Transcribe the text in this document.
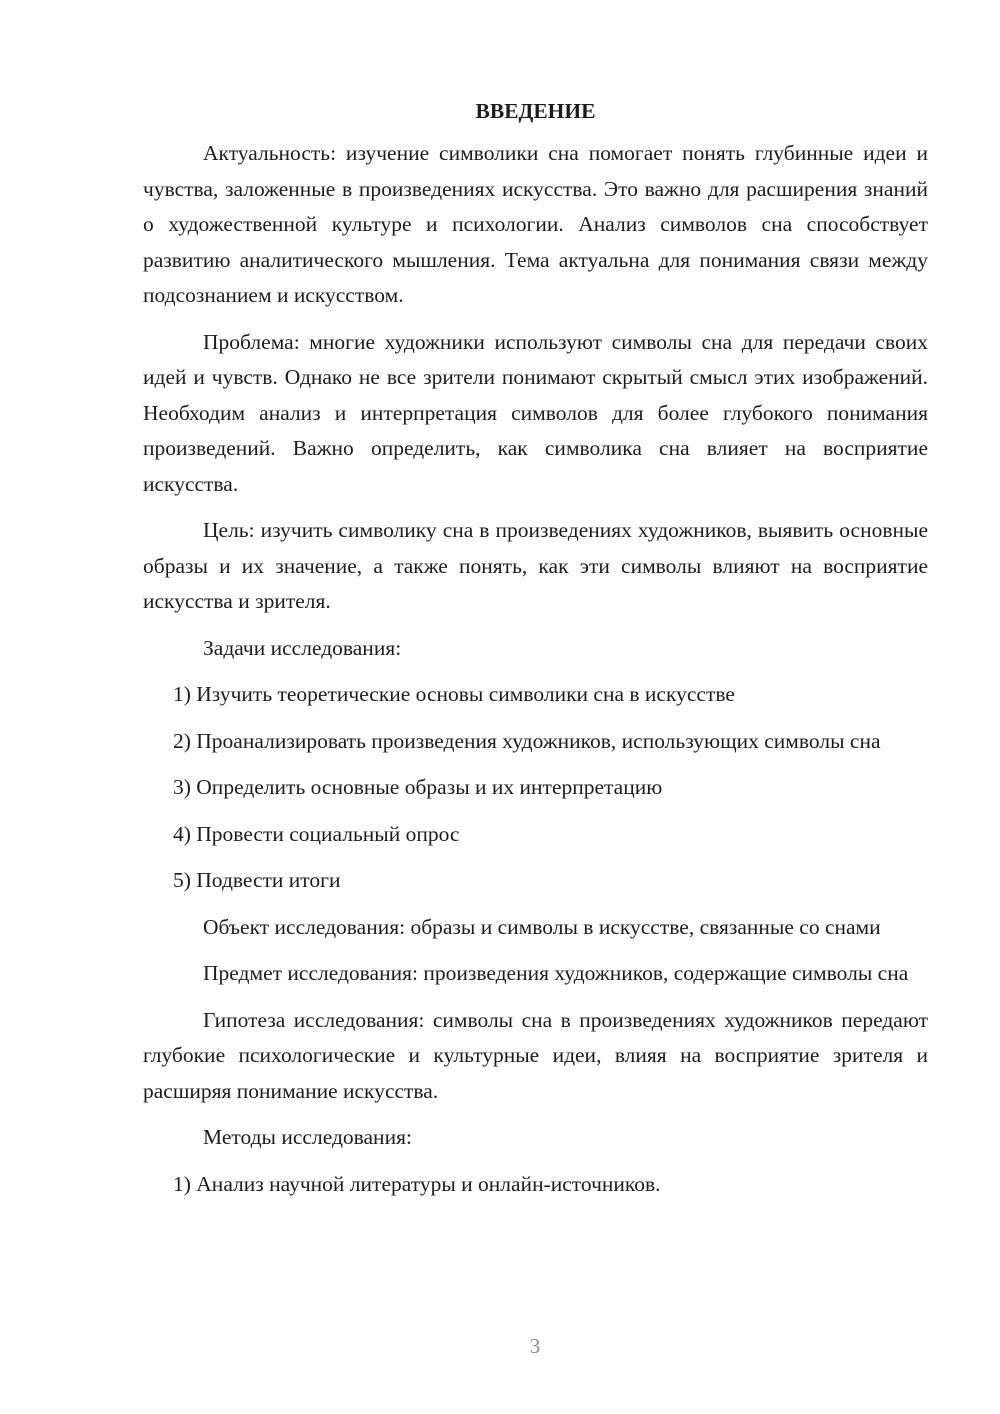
ВВЕДЕНИЕ

Актуальность: изучение символики сна помогает понять глубинные идеи и чувства, заложенные в произведениях искусства. Это важно для расширения знаний о художественной культуре и психологии. Анализ символов сна способствует развитию аналитического мышления. Тема актуальна для понимания связи между подсознанием и искусством.

Проблема: многие художники используют символы сна для передачи своих идей и чувств. Однако не все зрители понимают скрытый смысл этих изображений. Необходим анализ и интерпретация символов для более глубокого понимания произведений. Важно определить, как символика сна влияет на восприятие искусства.

Цель: изучить символику сна в произведениях художников, выявить основные образы и их значение, а также понять, как эти символы влияют на восприятие искусства и зрителя.

Задачи исследования:

1) Изучить теоретические основы символики сна в искусстве

2) Проанализировать произведения художников, использующих символы сна

3) Определить основные образы и их интерпретацию

4) Провести социальный опрос

5) Подвести итоги

Объект исследования: образы и символы в искусстве, связанные со снами

Предмет исследования: произведения художников, содержащие символы сна

Гипотеза исследования: символы сна в произведениях художников передают глубокие психологические и культурные идеи, влияя на восприятие зрителя и расширяя понимание искусства.

Методы исследования:

1) Анализ научной литературы и онлайн-источников.

3
